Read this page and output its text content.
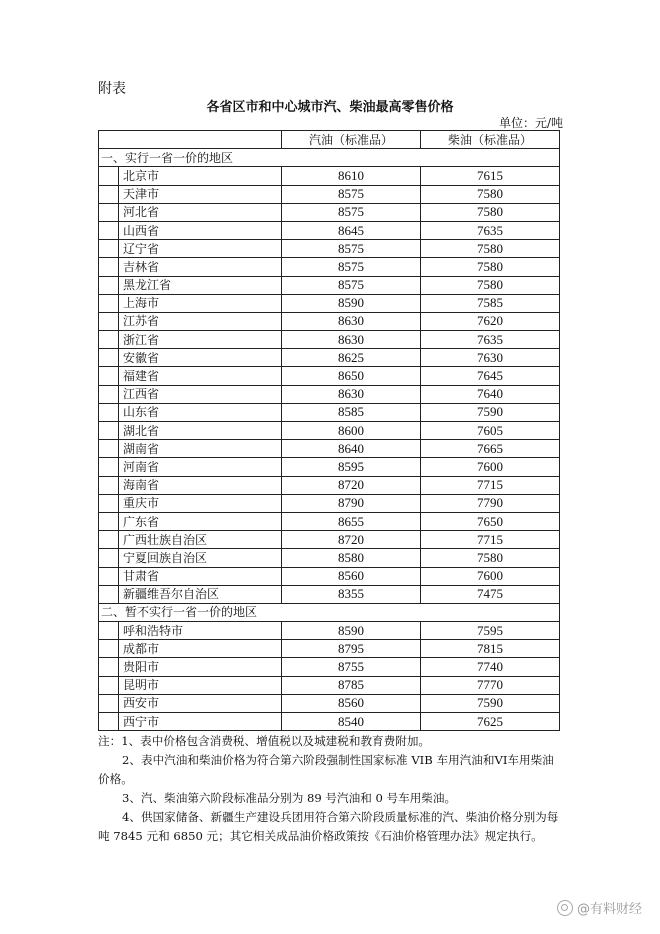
附表
各省区市和中心城市汽、柴油最高零售价格
单位：元/吨
		汽油（标准品）	柴油（标准品）
一、实行一省一价的地区			
	北京市	8610	7615
	天津市	8575	7580
	河北省	8575	7580
	山西省	8645	7635
	辽宁省	8575	7580
	吉林省	8575	7580
	黑龙江省	8575	7580
	上海市	8590	7585
	江苏省	8630	7620
	浙江省	8630	7635
	安徽省	8625	7630
	福建省	8650	7645
	江西省	8630	7640
	山东省	8585	7590
	湖北省	8600	7605
	湖南省	8640	7665
	河南省	8595	7600
	海南省	8720	7715
	重庆市	8790	7790
	广东省	8655	7650
	广西壮族自治区	8720	7715
	宁夏回族自治区	8580	7580
	甘肃省	8560	7600
	新疆维吾尔自治区	8355	7475
二、暂不实行一省一价的地区			
	呼和浩特市	8590	7595
	成都市	8795	7815
	贵阳市	8755	7740
	昆明市	8785	7770
	西安市	8560	7590
	西宁市	8540	7625

注：1、表中价格包含消费税、增值税以及城建税和教育费附加。

2、表中汽油和柴油价格为符合第六阶段强制性国家标准 VIB 车用汽油和VI车用柴油价格。

3、汽、柴油第六阶段标准品分别为 89 号汽油和 0 号车用柴油。

4、供国家储备、新疆生产建设兵团用符合第六阶段质量标准的汽、柴油价格分别为每吨 7845 元和 6850 元；其它相关成品油价格政策按《石油价格管理办法》规定执行。

@有料财经
